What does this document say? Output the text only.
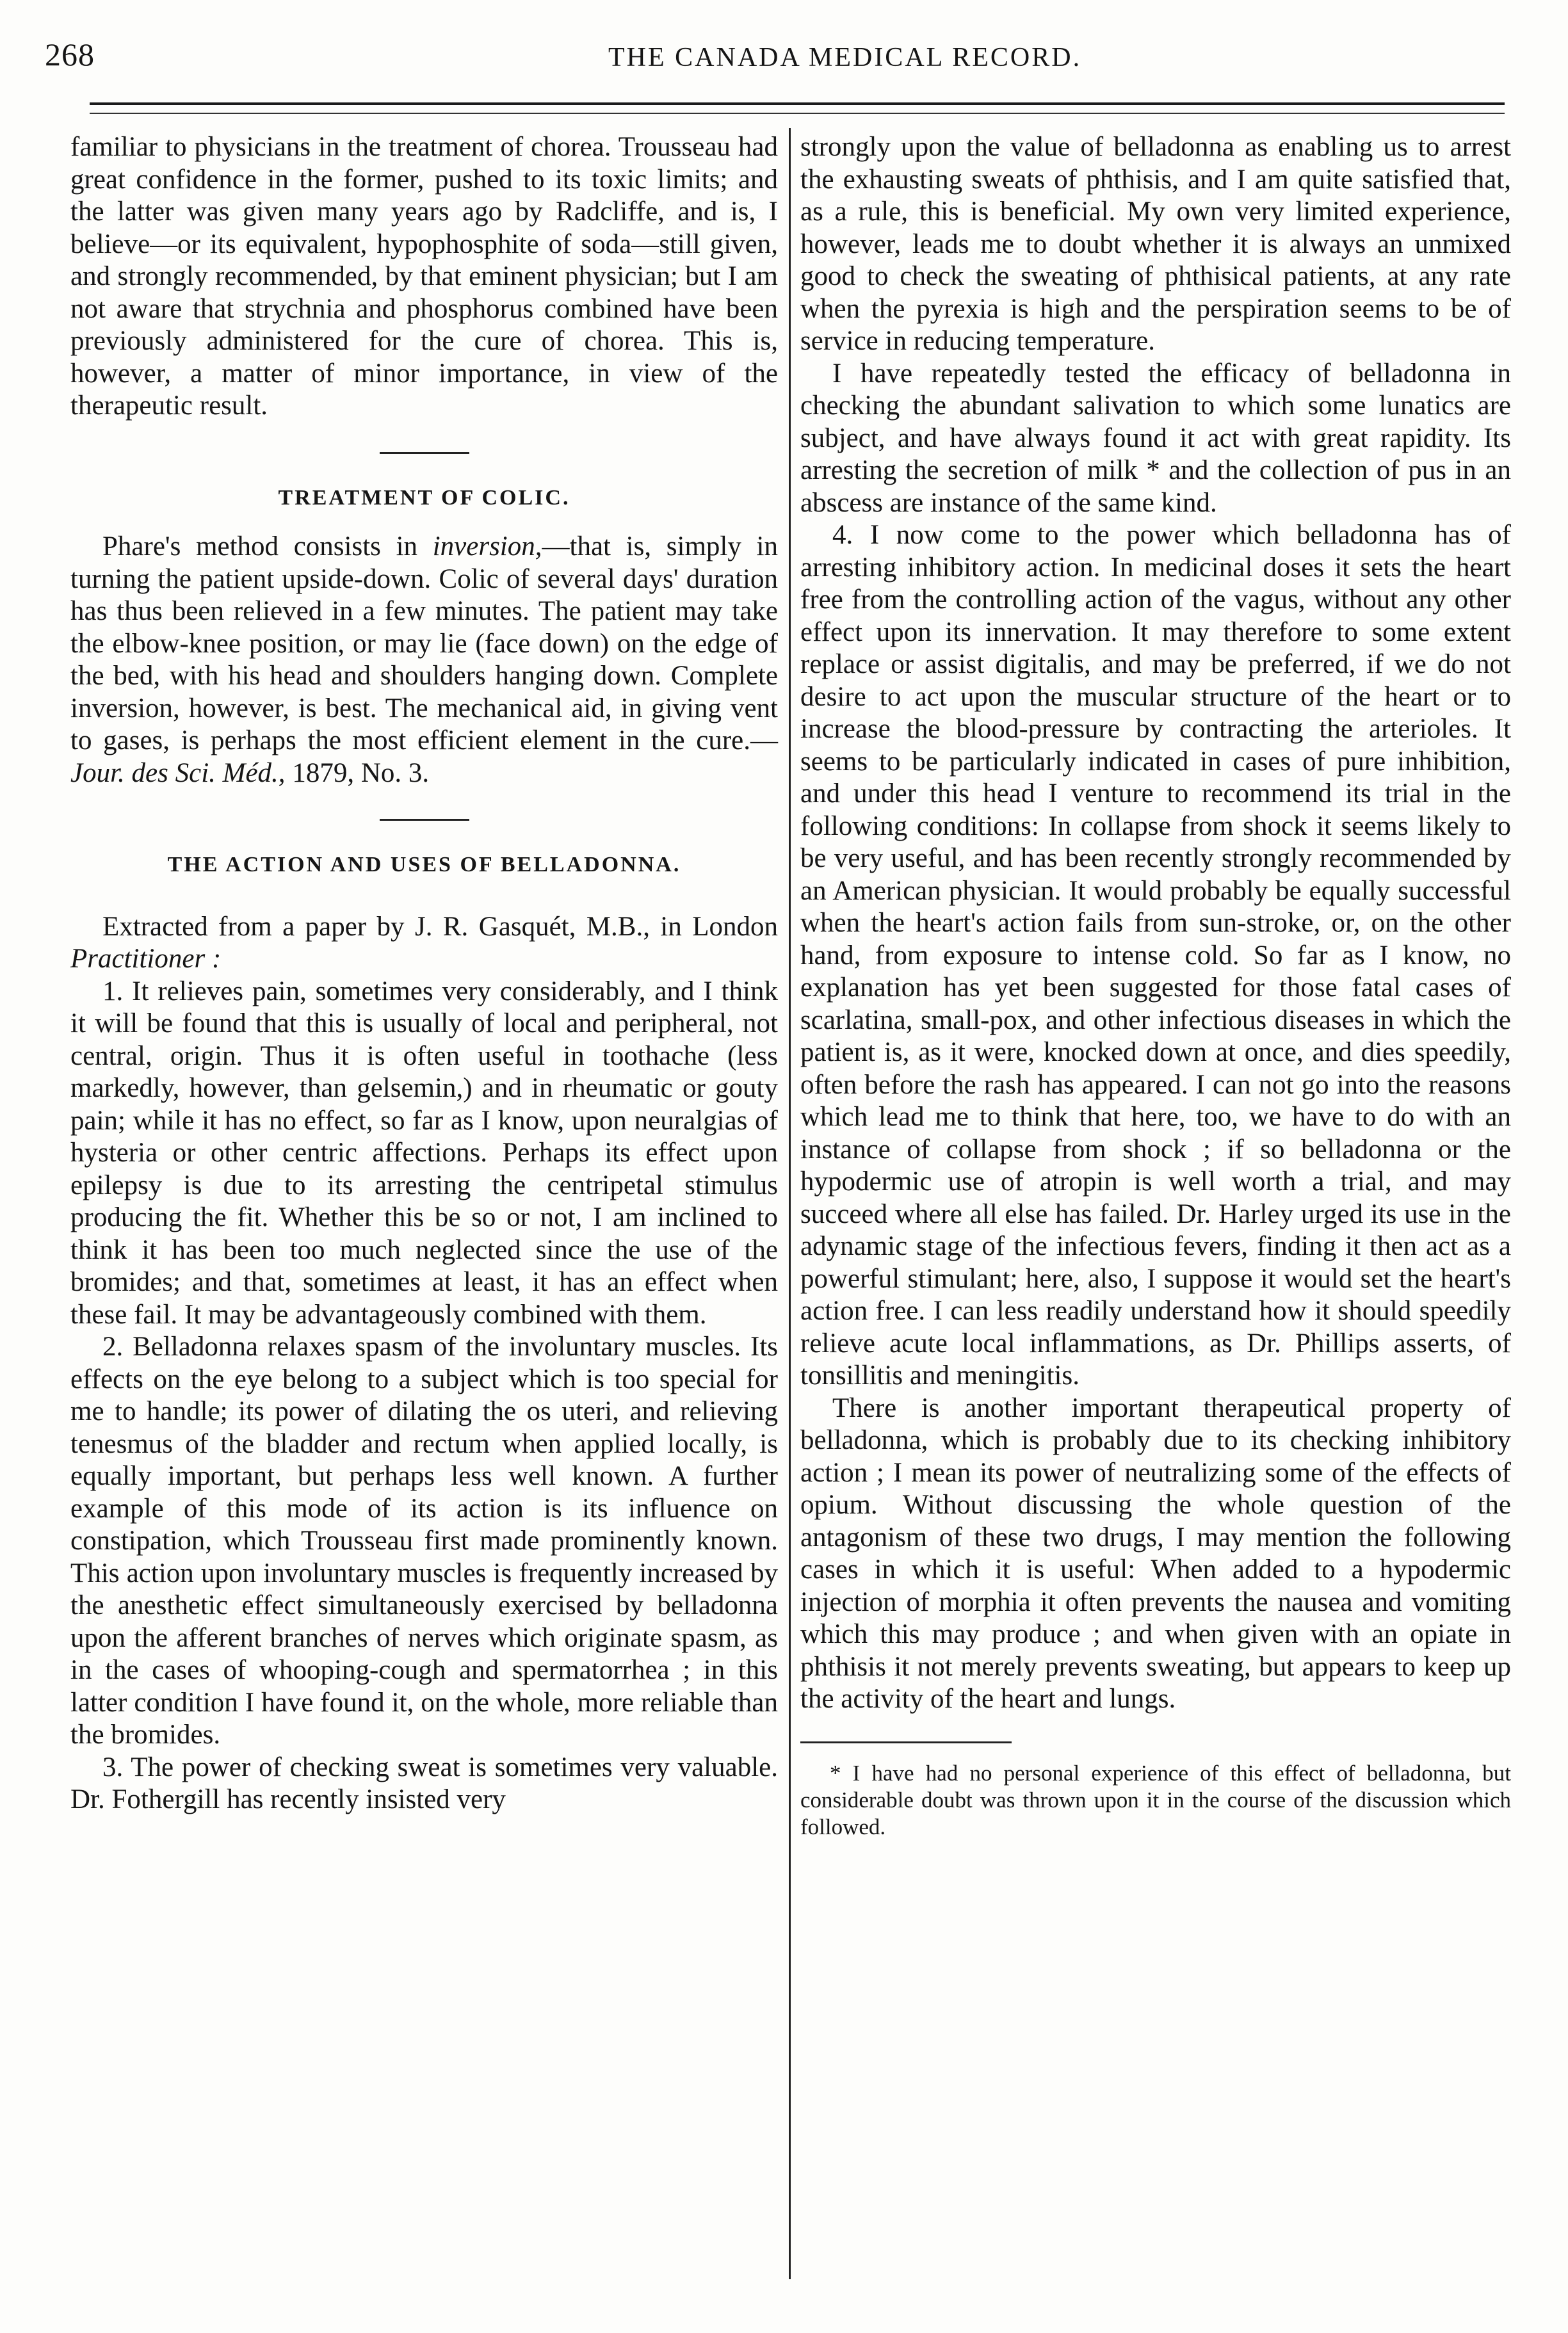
268	THE CANADA MEDICAL RECORD.

familiar to physicians in the treatment of chorea. Trousseau had great confidence in the former, pushed to its toxic limits; and the latter was given many years ago by Radcliffe, and is, I believe—or its equivalent, hypophosphite of soda—still given, and strongly recommended, by that eminent physician; but I am not aware that strychnia and phosphorus combined have been previously administered for the cure of chorea. This is, however, a matter of minor importance, in view of the therapeutic result.

TREATMENT OF COLIC.

Phare's method consists in inversion,—that is, simply in turning the patient upside-down. Colic of several days' duration has thus been relieved in a few minutes. The patient may take the elbow-knee position, or may lie (face down) on the edge of the bed, with his head and shoulders hanging down. Complete inversion, however, is best. The mechanical aid, in giving vent to gases, is perhaps the most efficient element in the cure.—Jour. des Sci. Méd., 1879, No. 3.

THE ACTION AND USES OF BELLADONNA.

Extracted from a paper by J. R. Gasquét, M.B., in London Practitioner :

1. It relieves pain, sometimes very considerably, and I think it will be found that this is usually of local and peripheral, not central, origin. Thus it is often useful in toothache (less markedly, however, than gelsemin,) and in rheumatic or gouty pain; while it has no effect, so far as I know, upon neuralgias of hysteria or other centric affections. Perhaps its effect upon epilepsy is due to its arresting the centripetal stimulus producing the fit. Whether this be so or not, I am inclined to think it has been too much neglected since the use of the bromides; and that, sometimes at least, it has an effect when these fail. It may be advantageously combined with them.

2. Belladonna relaxes spasm of the involuntary muscles. Its effects on the eye belong to a subject which is too special for me to handle; its power of dilating the os uteri, and relieving tenesmus of the bladder and rectum when applied locally, is equally important, but perhaps less well known. A further example of this mode of its action is its influence on constipation, which Trousseau first made prominently known. This action upon involuntary muscles is frequently increased by the anesthetic effect simultaneously exercised by belladonna upon the afferent branches of nerves which originate spasm, as in the cases of whooping-cough and spermatorrhea ; in this latter condition I have found it, on the whole, more reliable than the bromides.

3. The power of checking sweat is sometimes very valuable. Dr. Fothergill has recently insisted very

strongly upon the value of belladonna as enabling us to arrest the exhausting sweats of phthisis, and I am quite satisfied that, as a rule, this is beneficial. My own very limited experience, however, leads me to doubt whether it is always an unmixed good to check the sweating of phthisical patients, at any rate when the pyrexia is high and the perspiration seems to be of service in reducing temperature.

I have repeatedly tested the efficacy of belladonna in checking the abundant salivation to which some lunatics are subject, and have always found it act with great rapidity. Its arresting the secretion of milk * and the collection of pus in an abscess are instance of the same kind.

4. I now come to the power which belladonna has of arresting inhibitory action. In medicinal doses it sets the heart free from the controlling action of the vagus, without any other effect upon its innervation. It may therefore to some extent replace or assist digitalis, and may be preferred, if we do not desire to act upon the muscular structure of the heart or to increase the blood-pressure by contracting the arterioles. It seems to be particularly indicated in cases of pure inhibition, and under this head I venture to recommend its trial in the following conditions: In collapse from shock it seems likely to be very useful, and has been recently strongly recommended by an American physician. It would probably be equally successful when the heart's action fails from sun-stroke, or, on the other hand, from exposure to intense cold. So far as I know, no explanation has yet been suggested for those fatal cases of scarlatina, small-pox, and other infectious diseases in which the patient is, as it were, knocked down at once, and dies speedily, often before the rash has appeared. I can not go into the reasons which lead me to think that here, too, we have to do with an instance of collapse from shock ; if so belladonna or the hypodermic use of atropin is well worth a trial, and may succeed where all else has failed. Dr. Harley urged its use in the adynamic stage of the infectious fevers, finding it then act as a powerful stimulant; here, also, I suppose it would set the heart's action free. I can less readily understand how it should speedily relieve acute local inflammations, as Dr. Phillips asserts, of tonsillitis and meningitis.

There is another important therapeutical property of belladonna, which is probably due to its checking inhibitory action ; I mean its power of neutralizing some of the effects of opium. Without discussing the whole question of the antagonism of these two drugs, I may mention the following cases in which it is useful: When added to a hypodermic injection of morphia it often prevents the nausea and vomiting which this may produce ; and when given with an opiate in phthisis it not merely prevents sweating, but appears to keep up the activity of the heart and lungs.

* I have had no personal experience of this effect of belladonna, but considerable doubt was thrown upon it in the course of the discussion which followed.
